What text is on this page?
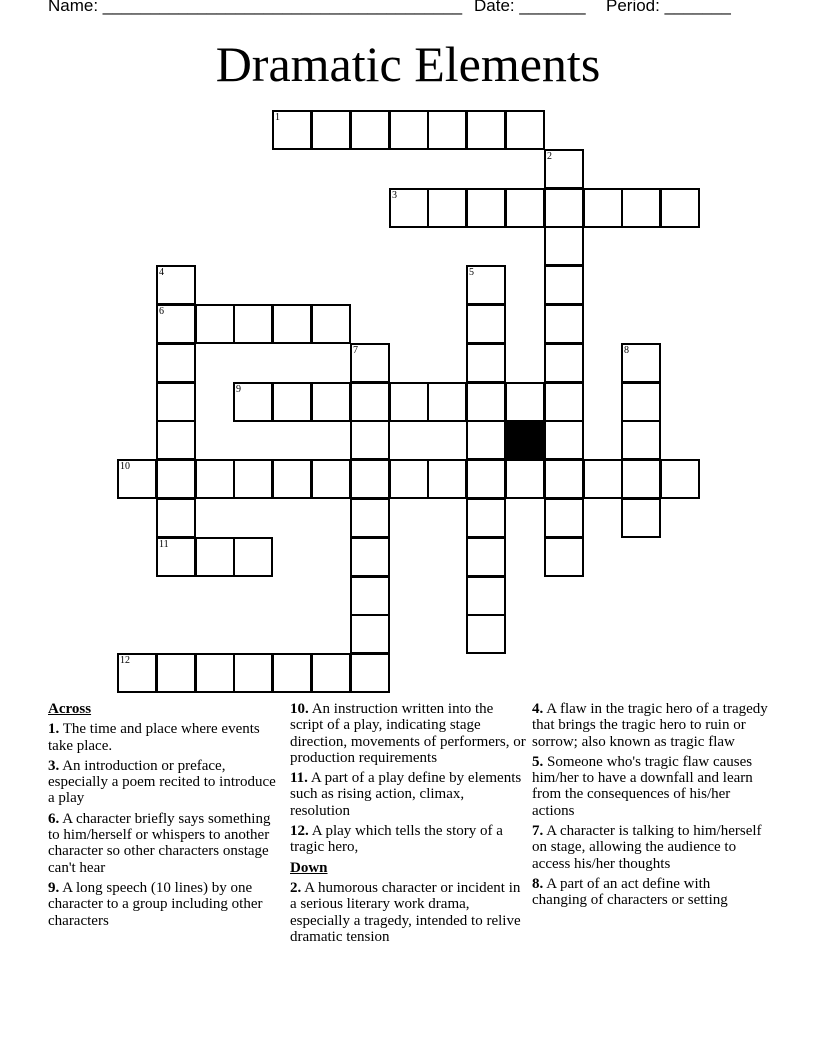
Name: ______________________________________ Date: _______ Period: _______
Dramatic Elements
1
2
3
4
6
11
5
7	8
9
10
12
Across
1. The time and place where events take place.
3. An introduction or preface, especially a poem recited to introduce a play
6. A character briefly says something to him/herself or whispers to another character so other characters onstage can't hear
9. A long speech (10 lines) by one character to a group including other characters
10. An instruction written into the script of a play, indicating stage direction, movements of performers, or production requirements
11. A part of a play define by elements such as rising action, climax, resolution
12. A play which tells the story of a tragic hero,
Down
2. A humorous character or incident in a serious literary work drama, especially a tragedy, intended to relive dramatic tension
4. A flaw in the tragic hero of a tragedy that brings the tragic hero to ruin or sorrow; also known as tragic flaw
5. Someone who's tragic flaw causes him/her to have a downfall and learn from the consequences of his/her actions
7. A character is talking to him/herself on stage, allowing the audience to access his/her thoughts
8. A part of an act define with changing of characters or setting
